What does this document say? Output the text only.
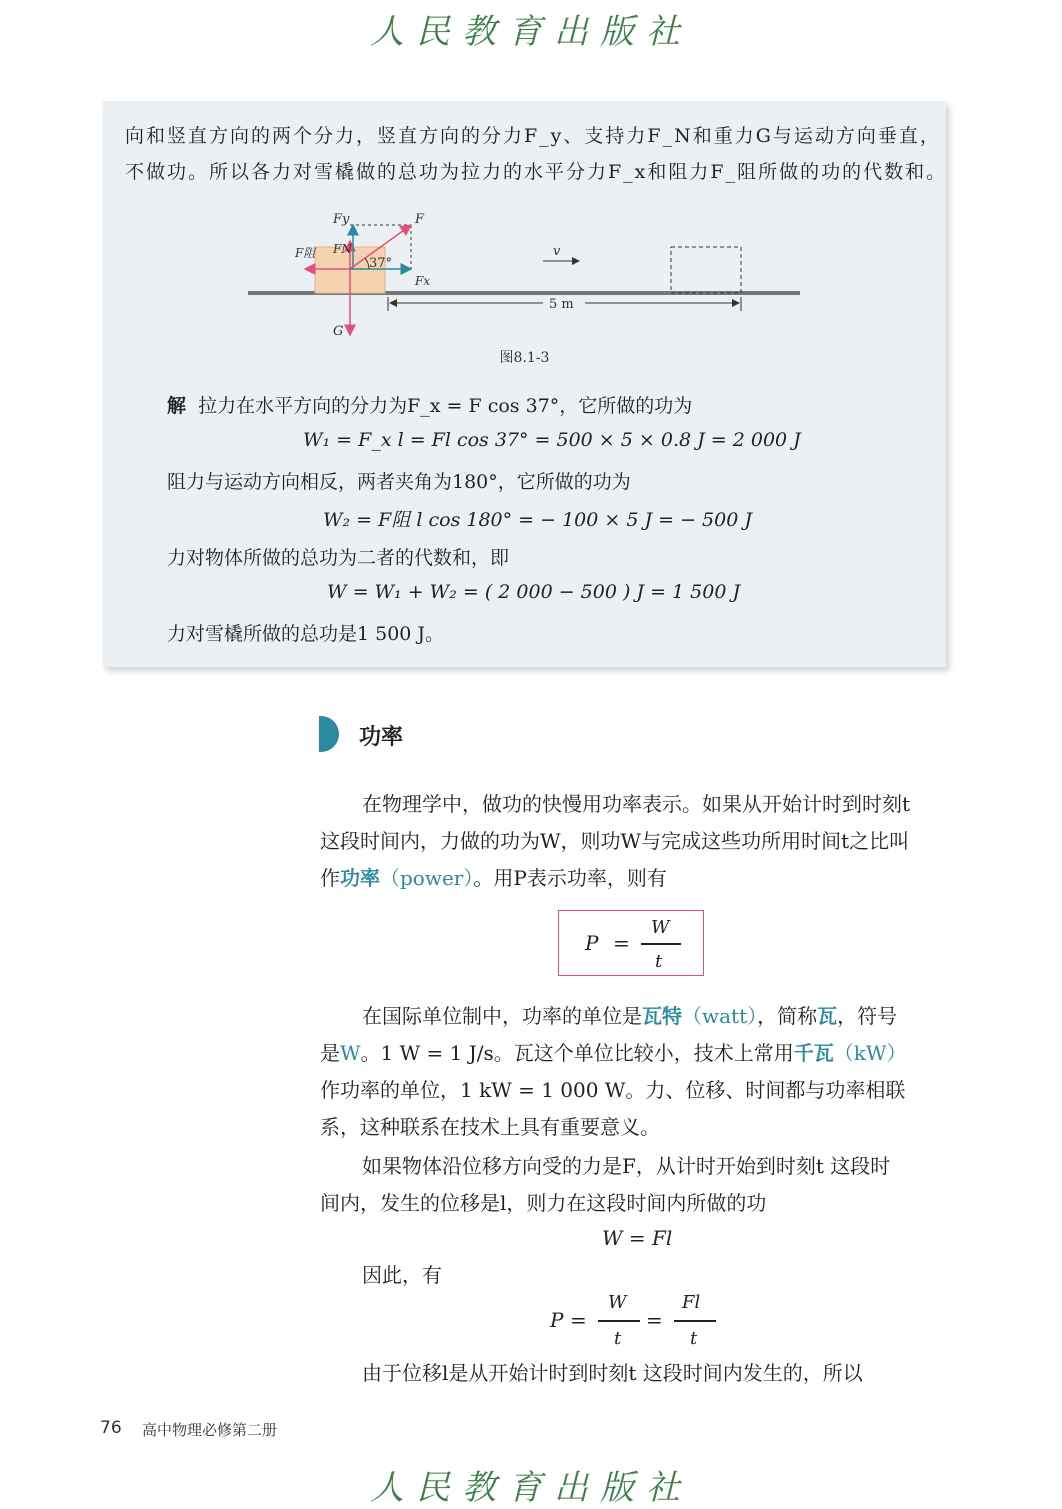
人民教育出版社
向和竖直方向的两个分力，竖直方向的分力F_y、支持力F_N和重力G与运动方向垂直，
不做功。所以各力对雪橇做的总功为拉力的水平分力F_x和阻力F_阻所做的功的代数和。
Fy	F
F阻 FN
37°
Fx
v
G
5 m
图8.1-3
解 拉力在水平方向的分力为F_x = F cos 37°，它所做的功为
W₁ = F_x l = Fl cos 37° = 500 × 5 × 0.8 J = 2 000 J
阻力与运动方向相反，两者夹角为180°，它所做的功为
W₂ = F阻 l cos 180° = − 100 × 5 J = − 500 J
力对物体所做的总功为二者的代数和，即
W = W₁ + W₂ = ( 2 000 − 500 ) J = 1 500 J
力对雪橇所做的总功是1 500 J。
功率
在物理学中，做功的快慢用功率表示。如果从开始计时到时刻t
这段时间内，力做的功为W，则功W与完成这些功所用时间t之比叫
作功率（power）。用P表示功率，则有
P =
W
t
在国际单位制中，功率的单位是瓦特（watt），简称瓦，符号
是W。1 W = 1 J/s。瓦这个单位比较小，技术上常用千瓦（kW）
作功率的单位，1 kW = 1 000 W。力、位移、时间都与功率相联
系，这种联系在技术上具有重要意义。
如果物体沿位移方向受的力是F，从计时开始到时刻t 这段时
间内，发生的位移是l，则力在这段时间内所做的功
W = Fl
因此，有
P =
W
t
=
Fl
t
由于位移l是从开始计时到时刻t 这段时间内发生的，所以
76 高中物理必修第二册
人民教育出版社
